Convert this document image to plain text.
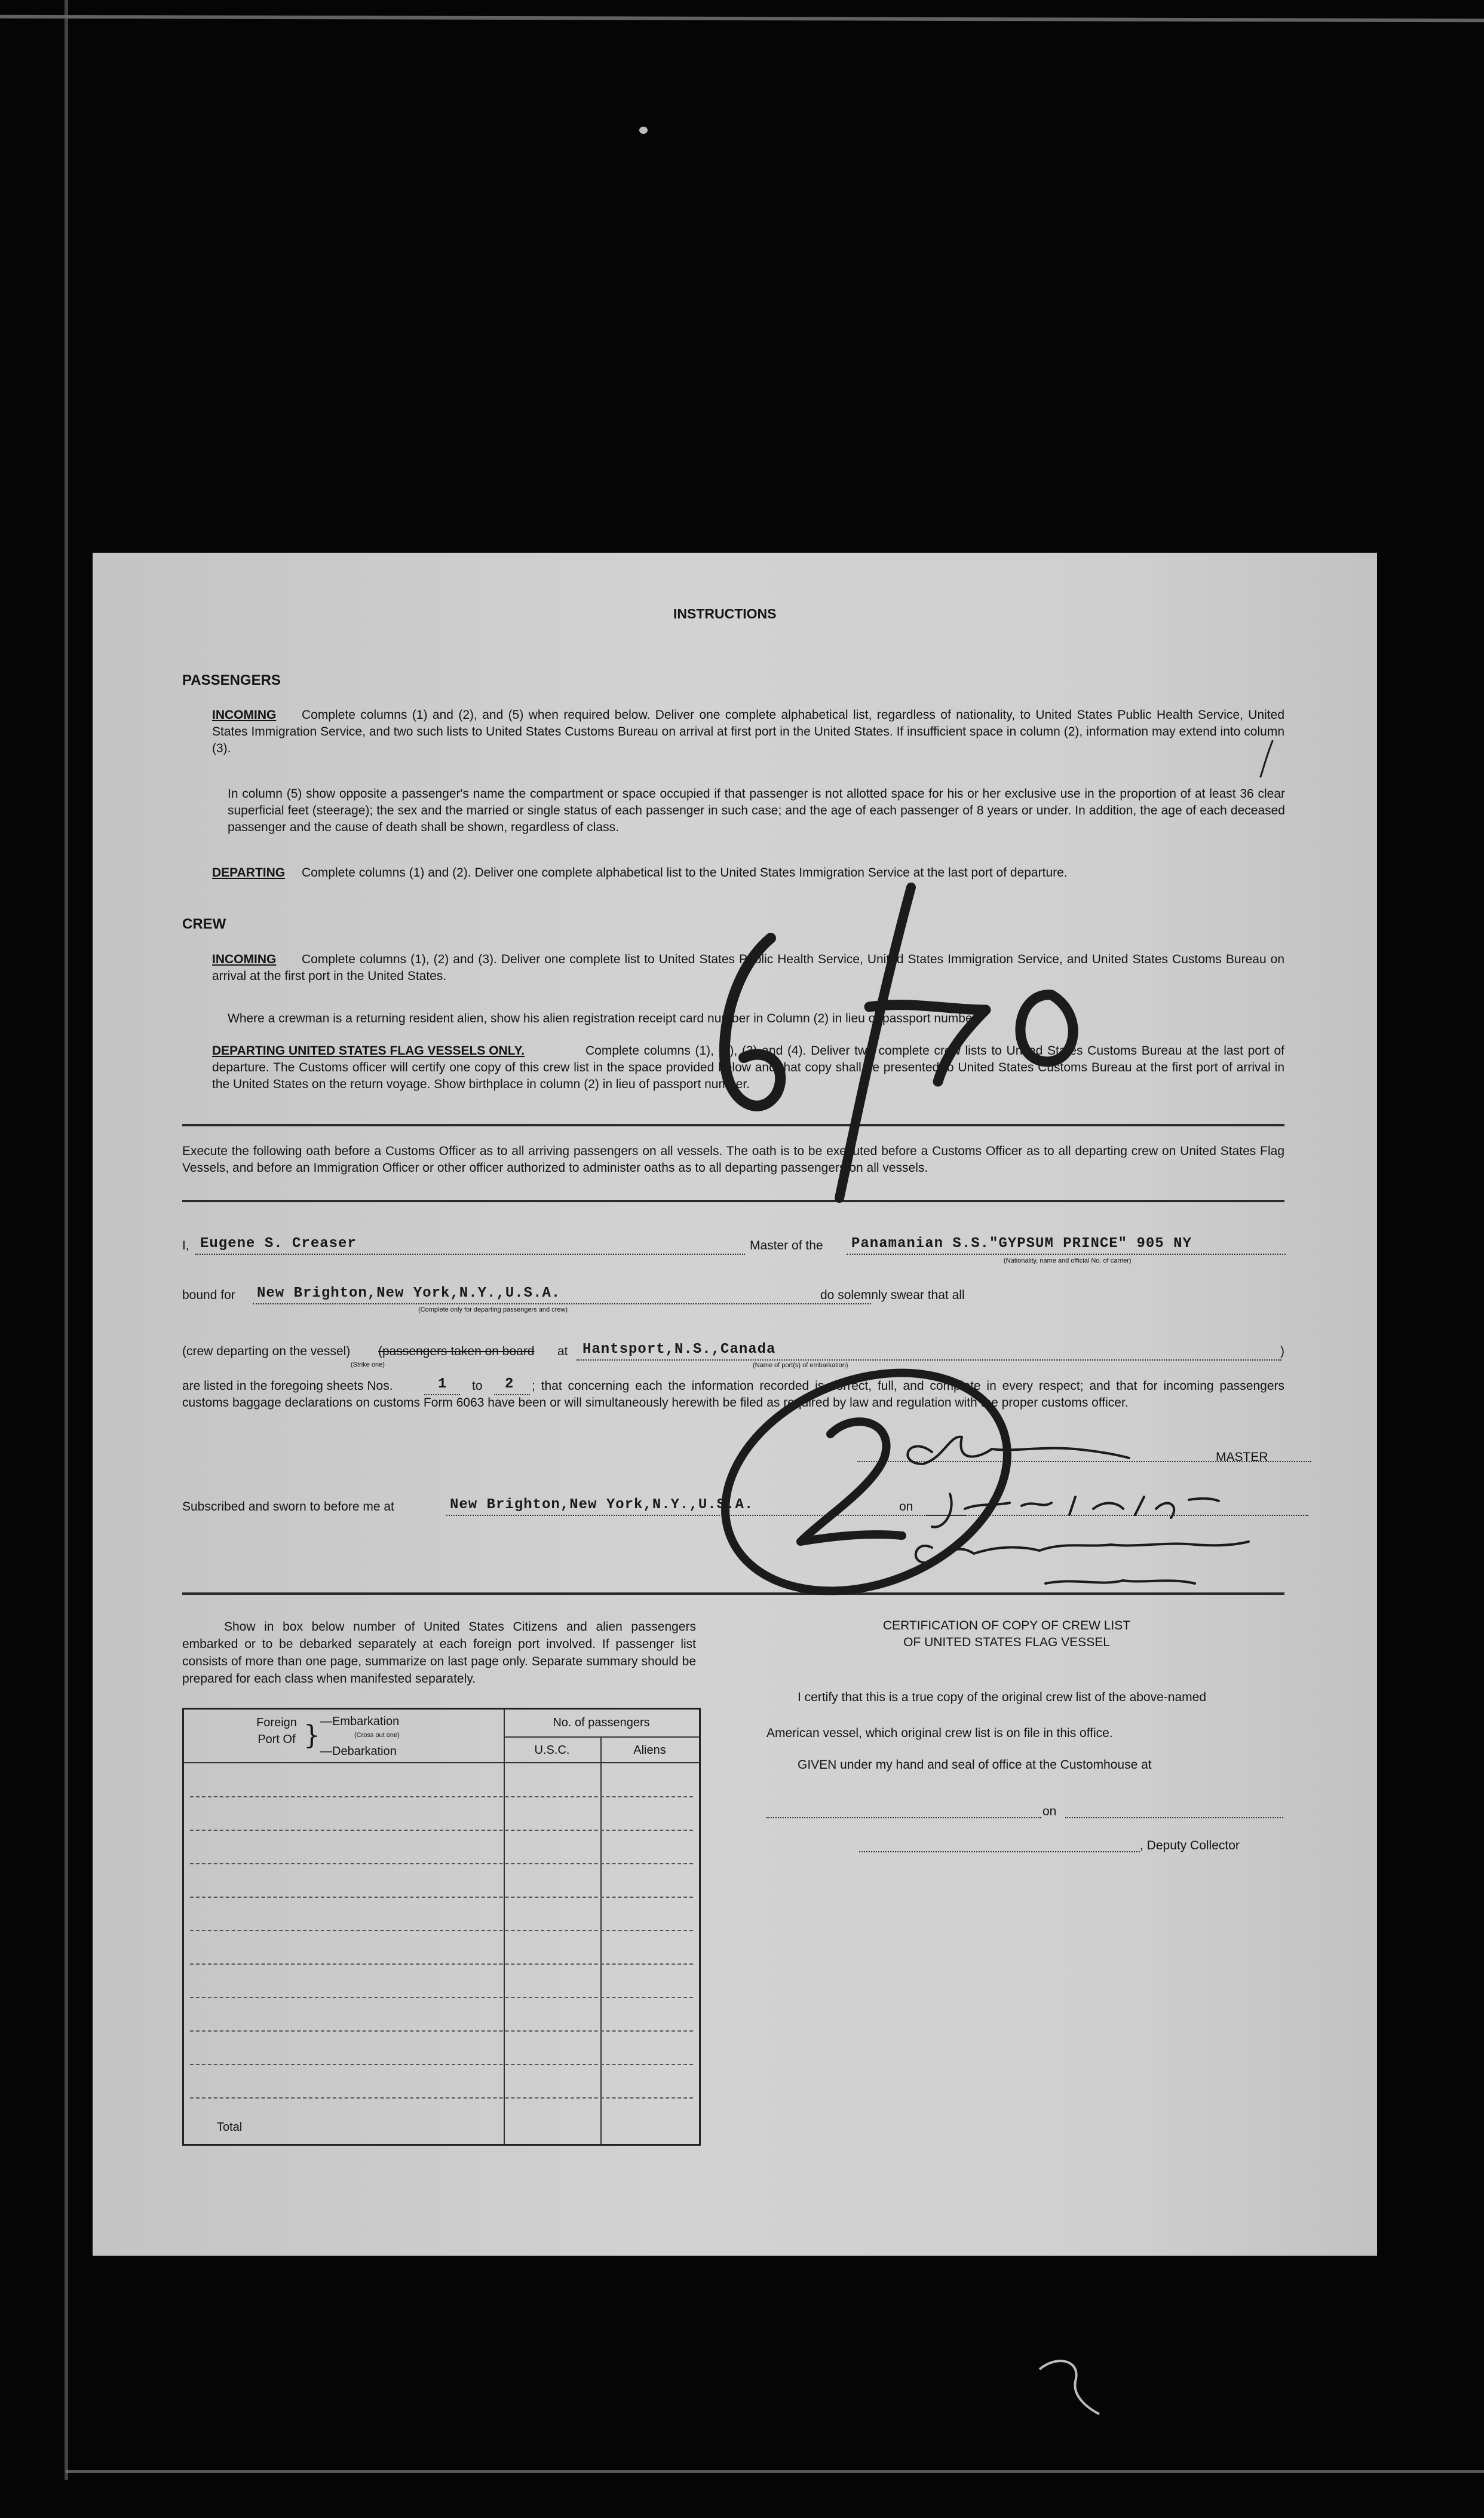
INSTRUCTIONS
PASSENGERS
INCOMING	Complete columns (1) and (2), and (5) when required below. Deliver one complete alphabetical list, regardless of nationality, to United States Public Health Service, United States Immigration Service, and two such lists to United States Customs Bureau on arrival at first port in the United States. If insufficient space in column (2), information may extend into column (3).
In column (5) show opposite a passenger's name the compartment or space occupied if that passenger is not allotted space for his or her exclusive use in the proportion of at least 36 clear superficial feet (steerage); the sex and the married or single status of each passenger in such case; and the age of each passenger of 8 years or under. In addition, the age of each deceased passenger and the cause of death shall be shown, regardless of class.
DEPARTING Complete columns (1) and (2). Deliver one complete alphabetical list to the United States Immigration Service at the last port of departure.
CREW
INCOMING	Complete columns (1), (2) and (3). Deliver one complete list to United States Public Health Service, United States Immigration Service, and United States Customs Bureau on arrival at the first port in the United States.
Where a crewman is a returning resident alien, show his alien registration receipt card number in Column (2) in lieu of passport number.
DEPARTING UNITED STATES FLAG VESSELS ONLY.	Complete columns (1), (2), (3) and (4). Deliver two complete crew lists to United States Customs Bureau at the last port of departure. The Customs officer will certify one copy of this crew list in the space provided below and that copy shall be presented to United States Customs Bureau at the first port of arrival in the United States on the return voyage. Show birthplace in column (2) in lieu of passport number.
Execute the following oath before a Customs Officer as to all arriving passengers on all vessels. The oath is to be executed before a Customs Officer as to all departing crew on United States Flag Vessels, and before an Immigration Officer or other officer authorized to administer oaths as to all departing passengers on all vessels.
I, Eugene S. Creaser	Master of the Panamanian S.S."GYPSUM PRINCE" 905 NY
(Nationality, name and official No. of carrier)
bound for New Brighton,New York,N.Y.,U.S.A.
(Complete only for departing passengers and crew)
do solemnly swear that all
(crew departing on the vessel) (passengers taken on board at
(Strike one)
Hantsport,N.S.,Canada
(Name of port(s) of embarkation)
)
are listed in the foregoing sheets Nos.	1 to 2	; that concerning each the information recorded is correct, full, and complete in every respect; and that for incoming passengers customs baggage declarations on customs Form 6063 have been or will simultaneously herewith be filed as required by law and regulation with the proper customs officer.
MASTER
Subscribed and sworn to before me at	New Brighton,New York,N.Y.,U.S.A.	on
Show in box below number of United States Citizens and alien passengers embarked or to be debarked separately at each foreign port involved. If passenger list consists of more than one page, summarize on last page only. Separate summary should be prepared for each class when manifested separately.
Foreign Port Of } —Embarkation
(Cross out one)
—Debarkation
No. of passengers
U.S.C.	Aliens
Total
CERTIFICATION OF COPY OF CREW LIST
OF UNITED STATES FLAG VESSEL
I certify that this is a true copy of the original crew list of the above-named
American vessel, which original crew list is on file in this office.
GIVEN under my hand and seal of office at the Customhouse at
on
, Deputy Collector
